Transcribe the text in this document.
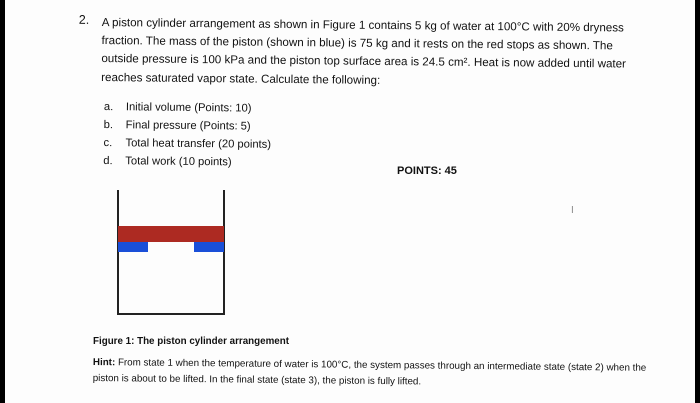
2. A piston cylinder arrangement as shown in Figure 1 contains 5 kg of water at 100°C with 20% dryness fraction. The mass of the piston (shown in blue) is 75 kg and it rests on the red stops as shown. The outside pressure is 100 kPa and the piston top surface area is 24.5 cm². Heat is now added until water reaches saturated vapor state. Calculate the following:
a. Initial volume (Points: 10)
b. Final pressure (Points: 5)
c. Total heat transfer (20 points)
d. Total work (10 points)
POINTS: 45
I
Figure 1: The piston cylinder arrangement
Hint: From state 1 when the temperature of water is 100°C, the system passes through an intermediate state (state 2) when the piston is about to be lifted. In the final state (state 3), the piston is fully lifted.
